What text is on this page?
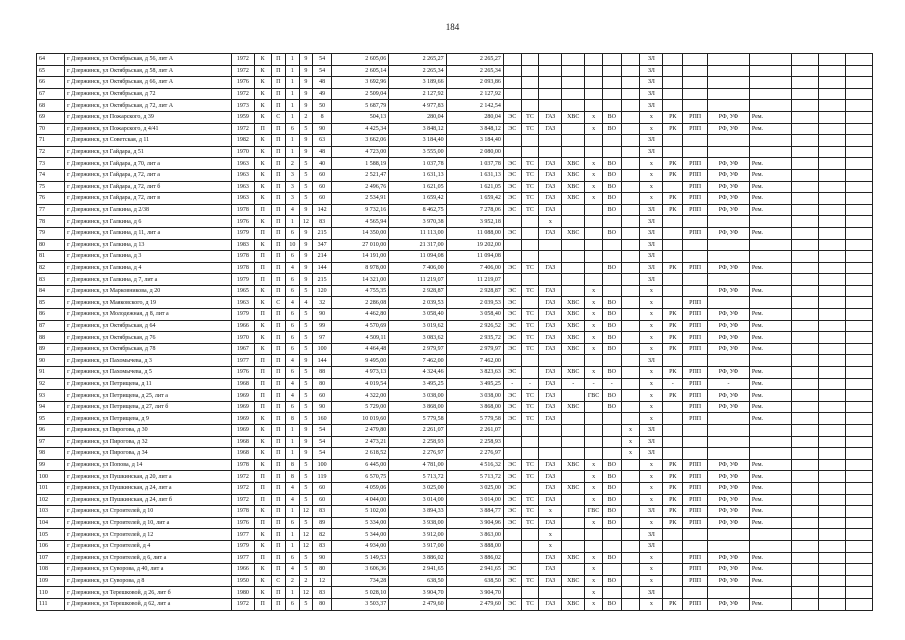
184
64	г Дзержинск, ул Октябрьская, д 56, лит А	1972	К	П	1	9	54	2 605,06	2 265,27	2 265,27								ЗЛ							
65	г Дзержинск, ул Октябрьская, д 58, лит А	1972	К	П	1	9	54	2 605,14	2 265,34	2 265,34								ЗЛ							
66	г Дзержинск, ул Октябрьская, д 66, лит А	1976	К	П	1	9	48	3 692,96	3 189,66	2 093,86								ЗЛ							
67	г Дзержинск, ул Октябрьская, д 72	1972	К	П	1	9	49	2 509,04	2 127,92	2 127,92								ЗЛ							
68	г Дзержинск, ул Октябрьская, д 72, лит А	1973	К	П	1	9	50	5 687,79	4 977,83	2 142,54								ЗЛ							
69	г Дзержинск, ул Пожарского, д 39	1959	К	С	1	2	8	504,13	280,04	280,04	ЭС	ТС	ГАЗ	ХВС	х	ВО		х	РК	РПП	РФ, УФ	Рем.			
70	г Дзержинск, ул Пожарского, д 4/41	1972	П	П	6	5	90	4 425,34	3 848,12	3 848,12	ЭС	ТС	ГАЗ		х	ВО		х	РК	РПП	РФ, УФ	Рем.			
71	г Дзержинск, ул Советская, д 11	1982	К	П	1	9	63	3 662,06	3 184,40	3 184,40								ЗЛ							
72	г Дзержинск, ул Гайдара, д 51	1970	К	П	1	9	48	4 723,00	3 555,00	2 080,00								ЗЛ							
73	г Дзержинск, ул Гайдара, д 70, лит а	1963	К	П	2	5	40	1 588,19	1 037,78	1 037,78	ЭС	ТС	ГАЗ	ХВС	х	ВО		х	РК	РПП	РФ, УФ	Рем.			
74	г Дзержинск, ул Гайдара, д 72, лит а	1963	К	П	3	5	60	2 521,47	1 631,13	1 631,13	ЭС	ТС	ГАЗ	ХВС	х	ВО		х	РК	РПП	РФ, УФ	Рем.			
75	г Дзержинск, ул Гайдара, д 72, лит б	1963	К	П	3	5	60	2 496,76	1 621,05	1 621,05	ЭС	ТС	ГАЗ	ХВС	х	ВО		х		РПП	РФ, УФ	Рем.			
76	г Дзержинск, ул Гайдара, д 72, лит в	1963	К	П	3	5	60	2 534,91	1 659,42	1 659,42	ЭС	ТС	ГАЗ	ХВС	х	ВО		х	РК	РПП	РФ, УФ	Рем.			
77	г Дзержинск, ул Галкина, д 2/38	1978	П	П	4	9	142	9 732,16	8 462,75	7 278,06	ЭС	ТС	ГАЗ			ВО		ЗЛ	РК	РПП	РФ, УФ	Рем.			
78	г Дзержинск, ул Галкина, д 6	1976	К	П	1	12	83	4 565,94	3 970,38	3 952,18			х					ЗЛ							
79	г Дзержинск, ул Галкина, д 11, лит а	1979	П	П	6	9	215	14 350,00	11 113,00	11 088,00	ЭС		ГАЗ	ХВС		ВО		ЗЛ		РПП	РФ, УФ	Рем.			
80	г Дзержинск, ул Галкина, д 13	1983	К	П	10	9	347	27 010,00	21 317,00	19 202,00								ЗЛ							
81	г Дзержинск, ул Галкина, д 3	1978	П	П	6	9	214	14 191,00	11 094,08	11 094,08								ЗЛ							
82	г Дзержинск, ул Галкина, д 4	1978	П	П	4	9	144	8 978,00	7 406,00	7 406,00	ЭС	ТС	ГАЗ			ВО		ЗЛ	РК	РПП	РФ, УФ	Рем.			
83	г Дзержинск, ул Галкина, д 7, лит а	1979	П	П	6	9	215	14 321,00	11 219,07	11 219,07								ЗЛ							
84	г Дзержинск, ул Марковникова, д 20	1965	К	П	6	5	120	4 755,35	2 928,87	2 928,87	ЭС	ТС	ГАЗ		х			х			РФ, УФ	Рем.			
85	г Дзержинск, ул Маяковского, д 19	1963	К	С	4	4	32	2 286,08	2 039,53	2 039,53	ЭС		ГАЗ	ХВС	х	ВО		х		РПП					
86	г Дзержинск, ул Молодежная, д 8, лит а	1979	П	П	6	5	90	4 462,80	3 058,40	3 058,40	ЭС	ТС	ГАЗ	ХВС	х	ВО		х	РК	РПП	РФ, УФ	Рем.			
87	г Дзержинск, ул Октябрьская, д 64	1966	К	П	6	5	99	4 570,69	3 019,62	2 926,52	ЭС	ТС	ГАЗ	ХВС	х	ВО		х	РК	РПП	РФ, УФ	Рем.			
88	г Дзержинск, ул Октябрьская, д 76	1970	К	П	6	5	97	4 509,11	3 083,62	2 935,72	ЭС	ТС	ГАЗ	ХВС	х	ВО		х	РК	РПП	РФ, УФ	Рем.			
89	г Дзержинск, ул Октябрьская, д 78	1967	К	П	6	5	100	4 464,48	2 979,97	2 979,97	ЭС	ТС	ГАЗ	ХВС	х	ВО		х	РК	РПП	РФ, УФ	Рем.			
90	г Дзержинск, ул Пахомычева, д 3	1977	П	П	4	9	144	9 495,00	7 462,00	7 462,00								ЗЛ							
91	г Дзержинск, ул Пахомычева, д 5	1976	П	П	6	5	88	4 973,13	4 324,46	3 823,63	ЭС		ГАЗ	ХВС	х	ВО		х	РК	РПП	РФ, УФ	Рем.			
92	г Дзержинск, ул Петрищева, д 11	1968	П	П	4	5	80	4 019,54	3 495,25	3 495,25	-	-	ГАЗ	-	-	-		х	-	РПП	-	Рем.			
93	г Дзержинск, ул Петрищева, д 25, лит а	1969	П	П	4	5	60	4 322,00	3 038,00	3 038,00	ЭС	ТС	ГАЗ		ГВС	ВО		х	РК	РПП	РФ, УФ	Рем.			
94	г Дзержинск, ул Петрищева, д 27, лит б	1969	П	П	6	5	90	5 729,00	3 868,00	3 868,00	ЭС	ТС	ГАЗ	ХВС		ВО		х		РПП	РФ, УФ	Рем.			
95	г Дзержинск, ул Петрищева, д 9	1969	К	П	8	5	160	10 019,60	5 779,58	5 779,58	ЭС	ТС	ГАЗ					х		РПП		Рем.			
96	г Дзержинск, ул Пирогова, д 30	1969	К	П	1	9	54	2 479,80	2 261,07	2 261,07							х	ЗЛ							
97	г Дзержинск, ул Пирогова, д 32	1968	К	П	1	9	54	2 473,21	2 258,93	2 258,93							х	ЗЛ							
98	г Дзержинск, ул Пирогова, д 34	1968	К	П	1	9	54	2 618,52	2 276,97	2 276,97							х	ЗЛ							
99	г Дзержинск, ул Попова, д 14	1978	К	П	8	5	100	6 445,00	4 781,00	4 516,32	ЭС	ТС	ГАЗ	ХВС	х	ВО		х	РК	РПП	РФ, УФ	Рем.			
100	г Дзержинск, ул Пушкинская, д 20, лит а	1972	П	П	8	5	119	6 570,75	5 713,72	5 713,72	ЭС	ТС	ГАЗ		х	ВО		х	РК	РПП	РФ, УФ	Рем.			
101	г Дзержинск, ул Пушкинская, д 24, лит а	1972	П	П	4	5	60	4 059,06	3 025,00	3 025,00	ЭС		ГАЗ	ХВС	х	ВО		х	РК	РПП	РФ, УФ	Рем.			
102	г Дзержинск, ул Пушкинская, д 24, лит б	1972	П	П	4	5	60	4 044,00	3 014,00	3 014,00	ЭС	ТС	ГАЗ		х	ВО		х	РК	РПП	РФ, УФ	Рем.			
103	г Дзержинск, ул Строителей, д 10	1978	К	П	1	12	83	5 102,00	3 894,33	3 884,77	ЭС	ТС	х		ГВС	ВО		ЗЛ	РК	РПП	РФ, УФ	Рем.			
104	г Дзержинск, ул Строителей, д 10, лит а	1976	П	П	6	5	89	5 334,00	3 938,00	3 904,96	ЭС	ТС	ГАЗ		х	ВО		х	РК	РПП	РФ, УФ	Рем.			
105	г Дзержинск, ул Строителей, д 12	1977	К	П	1	12	82	5 344,00	3 912,00	3 863,00			х					ЗЛ							
106	г Дзержинск, ул Строителей, д 4	1979	К	П	1	12	83	4 934,00	3 917,00	3 888,00			х					ЗЛ							
107	г Дзержинск, ул Строителей, д 6, лит а	1977	П	П	6	5	90	5 149,53	3 886,02	3 886,02			ГАЗ	ХВС	х	ВО		х		РПП	РФ, УФ	Рем.			
108	г Дзержинск, ул Суворова, д 40, лит а	1966	К	П	4	5	80	3 606,36	2 941,65	2 941,65	ЭС		ГАЗ		х			х		РПП	РФ, УФ	Рем.			
109	г Дзержинск, ул Суворова, д 8	1950	К	С	2	2	12	734,28	638,50	638,50	ЭС	ТС	ГАЗ	ХВС	х	ВО		х		РПП	РФ, УФ	Рем.			
110	г Дзержинск, ул Терешковой, д 26, лит б	1980	К	П	1	12	83	5 028,10	3 904,70	3 904,70					х			ЗЛ							
111	г Дзержинск, ул Терешковой, д 62, лит а	1972	П	П	6	5	80	3 503,37	2 479,60	2 479,60	ЭС	ТС	ГАЗ	ХВС	х	ВО		х	РК	РПП	РФ, УФ	Рем.			
